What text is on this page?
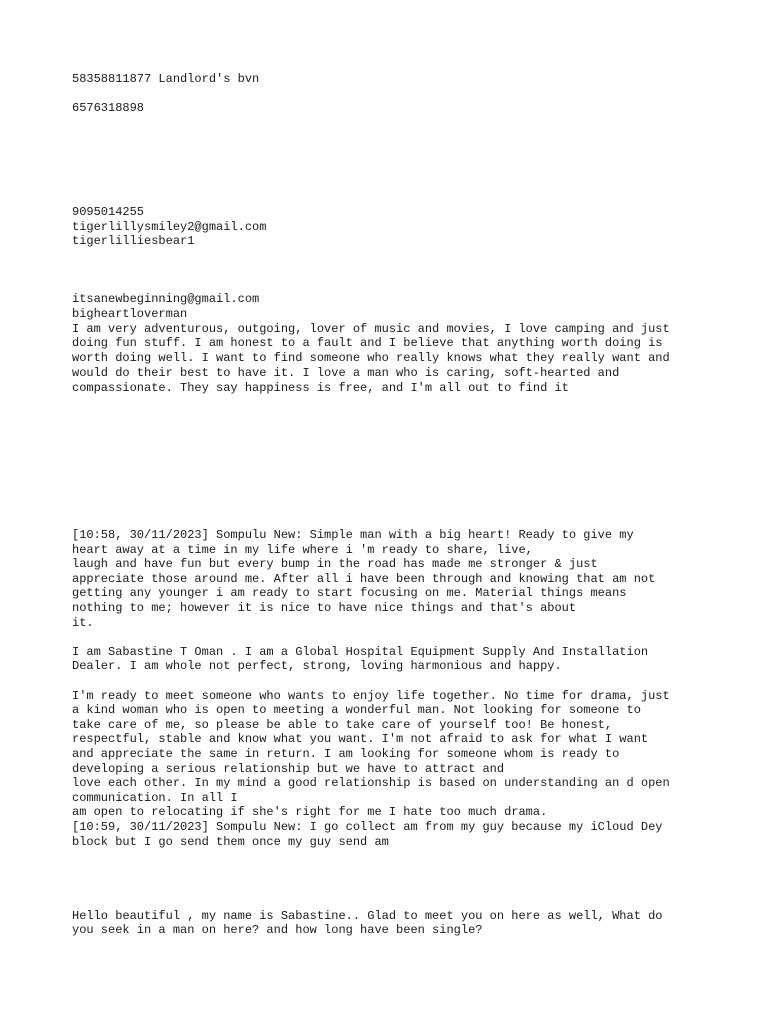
58358811877 Landlord's bvn

6576318898

9095014255

tigerlillysmiley2@gmail.com

tigerlilliesbear1

itsanewbeginning@gmail.com

bigheartloverman

I am very adventurous, outgoing, lover of music and movies, I love camping and just

doing fun stuff. I am honest to a fault and I believe that anything worth doing is

worth doing well. I want to find someone who really knows what they really want and

would do their best to have it. I love a man who is caring, soft-hearted and

compassionate. They say happiness is free, and I'm all out to find it

[10:58, 30/11/2023] Sompulu New: Simple man with a big heart! Ready to give my

heart away at a time in my life where i 'm ready to share, live,

laugh and have fun but every bump in the road has made me stronger & just

appreciate those around me. After all i have been through and knowing that am not

getting any younger i am ready to start focusing on me. Material things means

nothing to me; however it is nice to have nice things and that's about

it.

I am Sabastine T Oman . I am a Global Hospital Equipment Supply And Installation

Dealer. I am whole not perfect, strong, loving harmonious and happy.

I'm ready to meet someone who wants to enjoy life together. No time for drama, just

a kind woman who is open to meeting a wonderful man. Not looking for someone to

take care of me, so please be able to take care of yourself too! Be honest,

respectful, stable and know what you want. I'm not afraid to ask for what I want

and appreciate the same in return. I am looking for someone whom is ready to

developing a serious relationship but we have to attract and

love each other. In my mind a good relationship is based on understanding an d open

communication. In all I

am open to relocating if she's right for me I hate too much drama.

[10:59, 30/11/2023] Sompulu New: I go collect am from my guy because my iCloud Dey

block but I go send them once my guy send am

Hello beautiful , my name is Sabastine.. Glad to meet you on here as well, What do

you seek in a man on here? and how long have been single?
